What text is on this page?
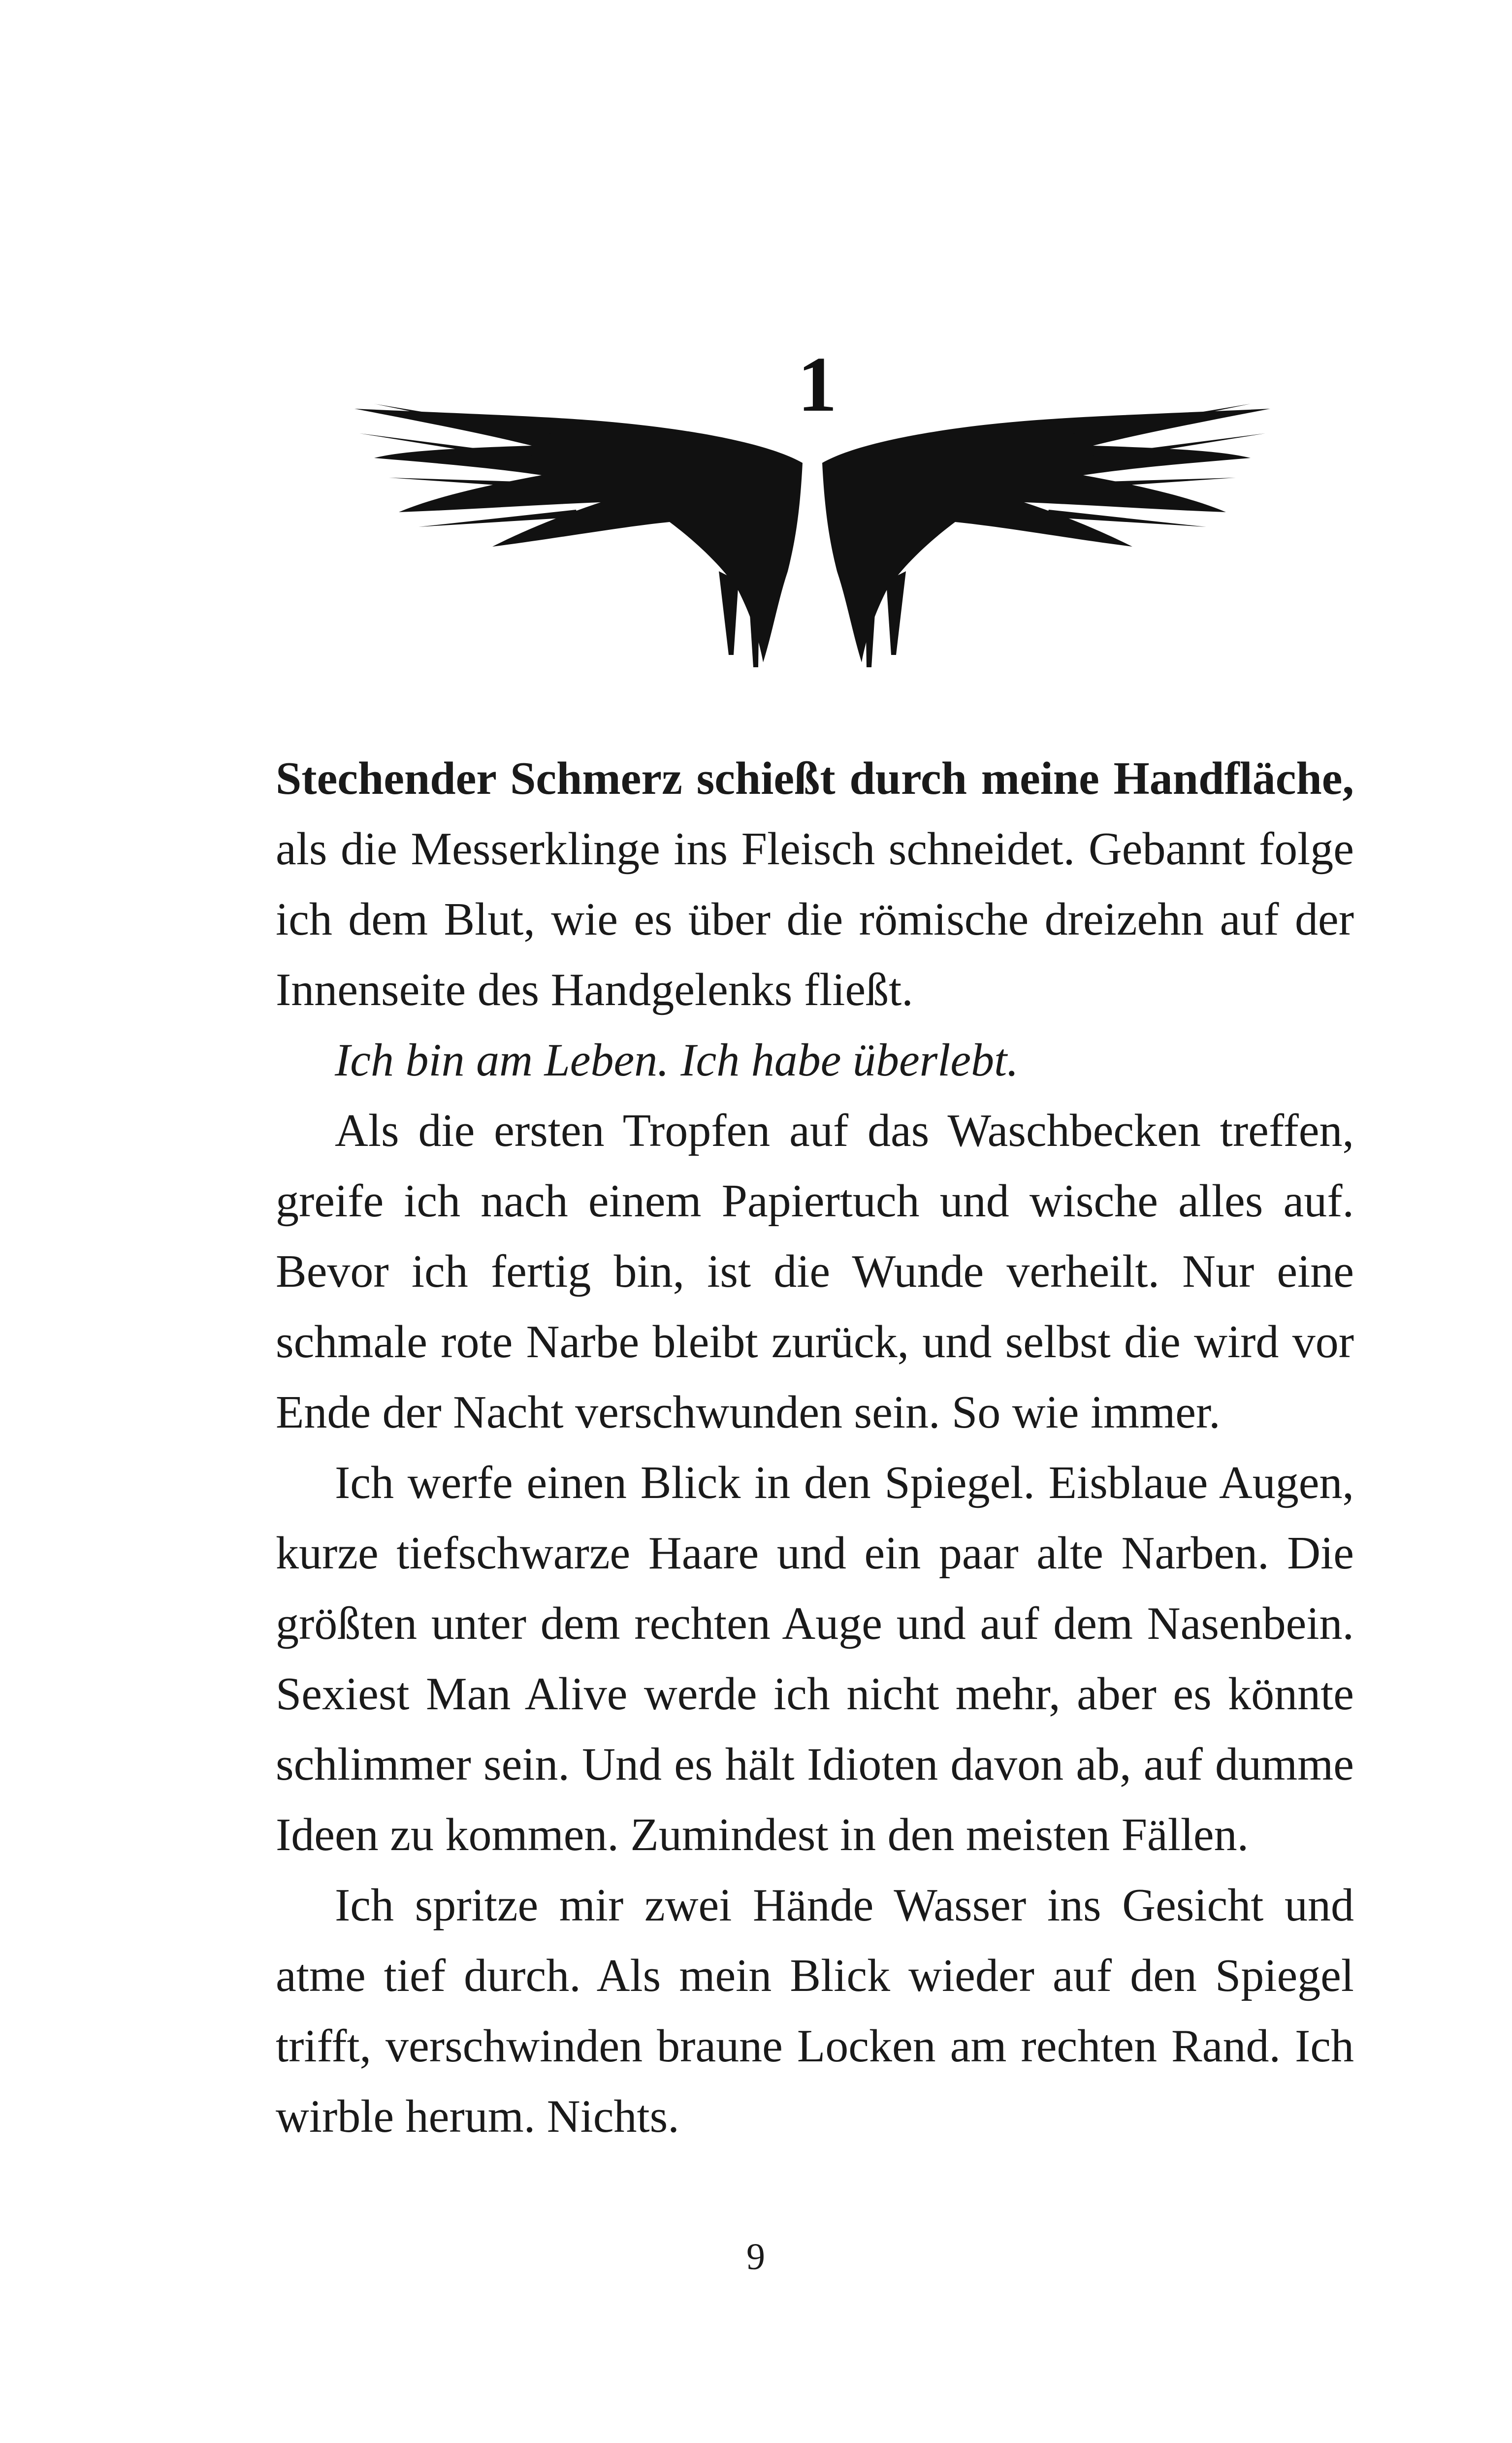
1

Stechender Schmerz schießt durch meine Handfläche, als die Messerklinge ins Fleisch schneidet. Gebannt folge ich dem Blut, wie es über die römische dreizehn auf der Innenseite des Handgelenks fließt.

Ich bin am Leben. Ich habe überlebt.

Als die ersten Tropfen auf das Waschbecken treffen, greife ich nach einem Papiertuch und wische alles auf. Bevor ich fertig bin, ist die Wunde verheilt. Nur eine schmale rote Narbe bleibt zurück, und selbst die wird vor Ende der Nacht verschwunden sein. So wie immer.

Ich werfe einen Blick in den Spiegel. Eisblaue Augen, kurze tiefschwarze Haare und ein paar alte Narben. Die größten unter dem rechten Auge und auf dem Nasenbein. Sexiest Man Alive werde ich nicht mehr, aber es könnte schlimmer sein. Und es hält Idioten davon ab, auf dumme Ideen zu kommen. Zumindest in den meisten Fällen.

Ich spritze mir zwei Hände Wasser ins Gesicht und atme tief durch. Als mein Blick wieder auf den Spiegel trifft, verschwinden braune Locken am rechten Rand. Ich wirble herum. Nichts.

9
